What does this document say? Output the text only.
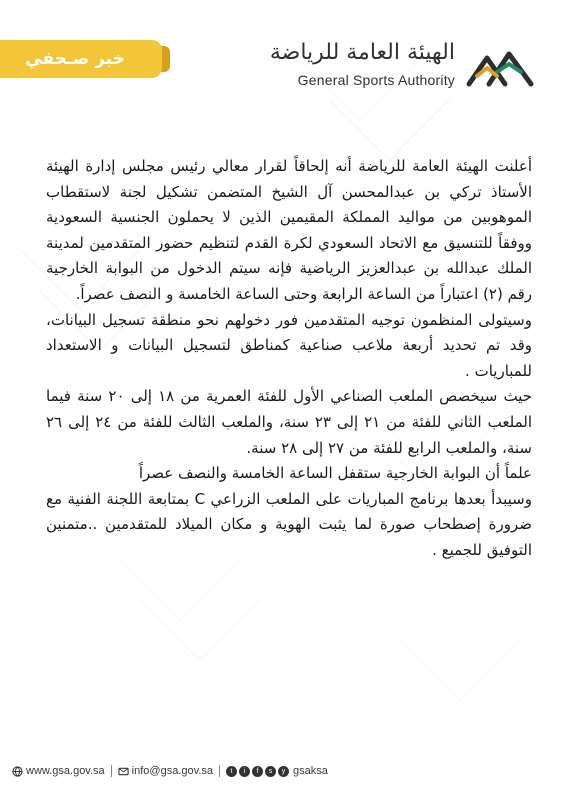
خبر صـحفي	الهيئة العامة للرياضة
General Sports Authority

أعلنت الهيئة العامة للرياضة أنه إلحاقاً لقرار معالي رئيس مجلس إدارة الهيئة الأستاذ تركي بن عبدالمحسن آل الشيخ المتضمن تشكيل لجنة لاستقطاب الموهوبين من مواليد المملكة المقيمين الذين لا يحملون الجنسية السعودية ووفقاً للتنسيق مع الاتحاد السعودي لكرة القدم لتنظيم حضور المتقدمين لمدينة الملك عبدالله بن عبدالعزيز الرياضية فإنه سيتم الدخول من البوابة الخارجية رقم (٢) اعتباراً من الساعة الرابعة وحتى الساعة الخامسة و النصف عصراً.

وسيتولى المنظمون توجيه المتقدمين فور دخولهم نحو منطقة تسجيل البيانات، وقد تم تحديد أربعة ملاعب صناعية كمناطق لتسجيل البيانات و الاستعداد للمباريات .

حيث سيخصص الملعب الصناعي الأول للفئة العمرية من ١٨ إلى ٢٠ سنة فيما الملعب الثاني للفئة من ٢١ إلى ٢٣ سنة، والملعب الثالث للفئة من ٢٤ إلى ٢٦ سنة، والملعب الرابع للفئة من ٢٧ إلى ٢٨ سنة.

علماً أن البوابة الخارجية ستقفل الساعة الخامسة والنصف عصراً

وسيبدأ بعدها برنامج المباريات على الملعب الزراعي C بمتابعة اللجنة الفنية مع ضرورة إصطحاب صورة لما يثبت الهوية و مكان الميلاد للمتقدمين ..متمنين التوفيق للجميع .

www.gsa.gov.sa info@gsa.gov.sa	t	i	f	s	y gsaksa
